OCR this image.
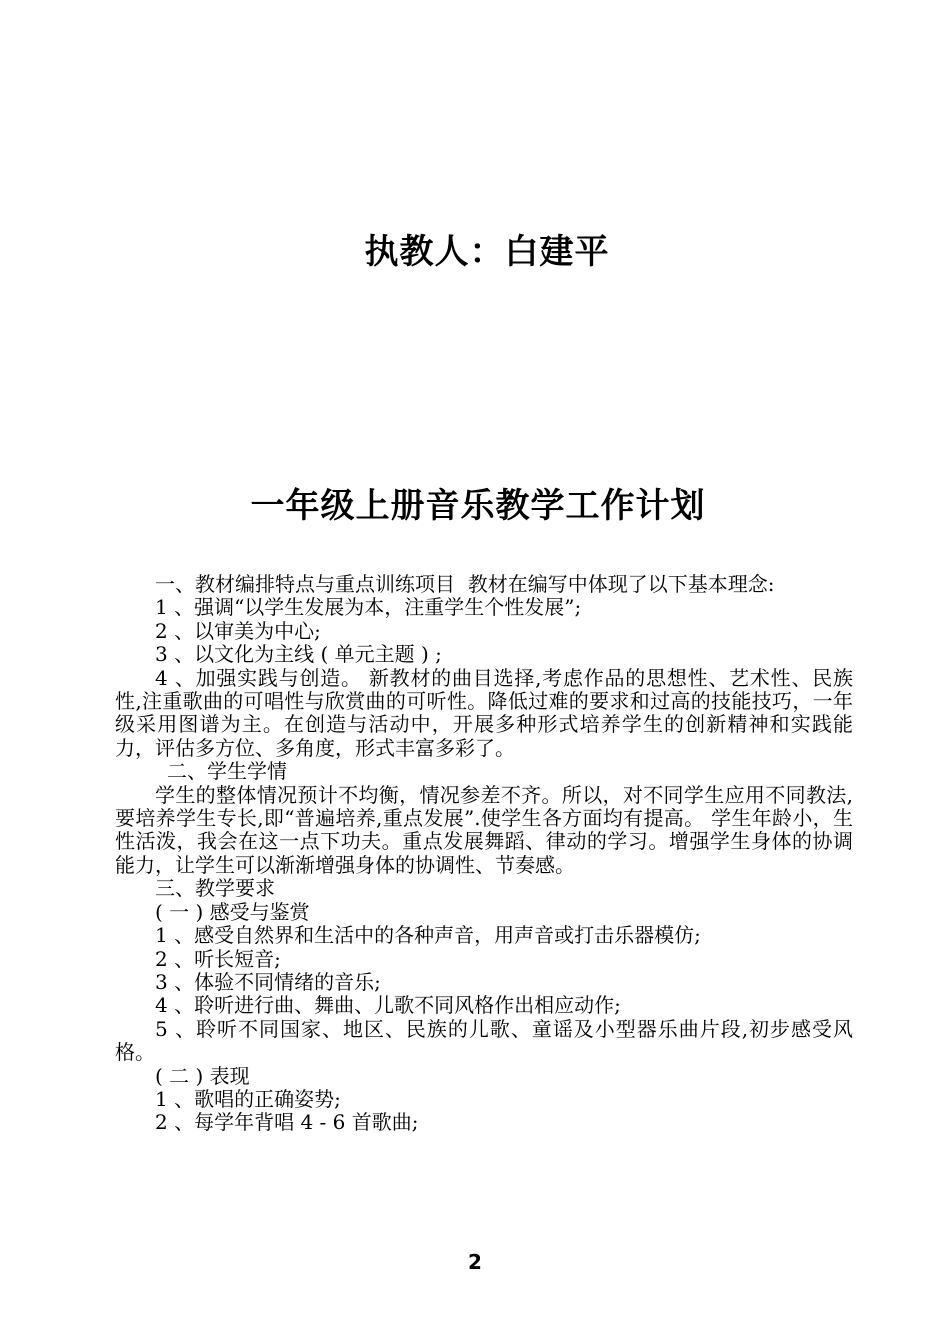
执教人：白建平
一年级上册音乐教学工作计划

一、教材编排特点与重点训练项目  教材在编写中体现了以下基本理念:

1 、强调“以学生发展为本，注重学生个性发展”;

2 、以审美为中心;

3 、以文化为主线 ( 单元主题 ) ;

4 、加强实践与创造。 新教材的曲目选择,考虑作品的思想性、艺术性、民族性,注重歌曲的可唱性与欣赏曲的可听性。降低过难的要求和过高的技能技巧，一年级采用图谱为主。在创造与活动中，开展多种形式培养学生的创新精神和实践能力，评估多方位、多角度，形式丰富多彩了。

二、学生学情

学生的整体情况预计不均衡，情况参差不齐。所以，对不同学生应用不同教法,要培养学生专长,即“普遍培养,重点发展”.使学生各方面均有提高。 学生年龄小，生性活泼，我会在这一点下功夫。重点发展舞蹈、律动的学习。增强学生身体的协调能力，让学生可以渐渐增强身体的协调性、节奏感。

三、教学要求

( 一 ) 感受与鉴赏

1 、感受自然界和生活中的各种声音，用声音或打击乐器模仿;

2 、听长短音;

3 、体验不同情绪的音乐;

4 、聆听进行曲、舞曲、儿歌不同风格作出相应动作;

5 、聆听不同国家、地区、民族的儿歌、童谣及小型器乐曲片段,初步感受风格。

( 二 ) 表现

1 、歌唱的正确姿势;

2 、每学年背唱 4 - 6 首歌曲;

2
